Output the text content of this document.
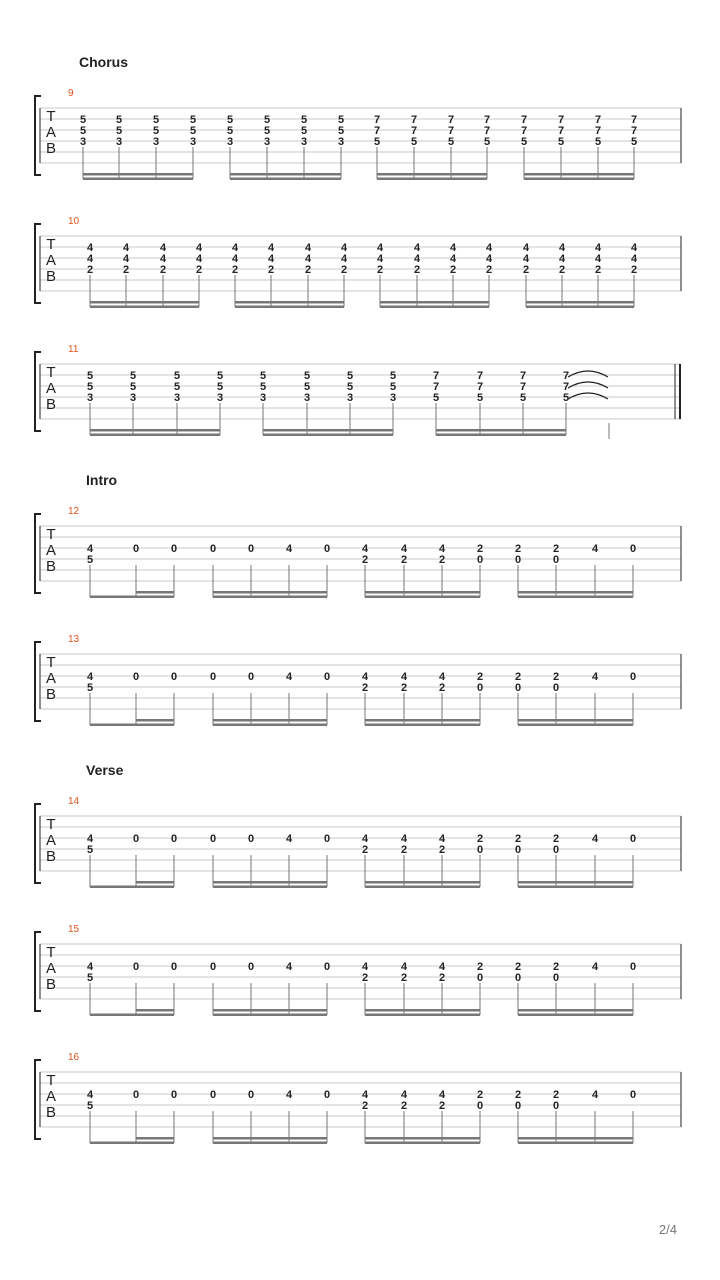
Chorus
9
T
A
B
5
5
3
5
5
3
5
5
3
5
5
3
5
5
3
5
5
3
5
5
3
5
5
3
7
7
5
7
7
5
7
7
5
7
7
5
7
7
5
7
7
5
7
7
5
7
7
5
10
T
A
B
4
4
2
4
4
2
4
4
2
4
4
2
4
4
2
4
4
2
4
4
2
4
4
2
4
4
2
4
4
2
4
4
2
4
4
2
4
4
2
4
4
2
4
4
2
4
4
2
11
T
A
B
5
5
3
5
5
3
5
5
3
5
5
3
5
5
3
5
5
3
5
5
3
5
5
3
7
7
5
7
7
5
7
7
5
7
7
5
Intro
12
T
A
B
4
5
0	0	0	0	4	0	4
2
4
2
4
2
2
0
2
0
2
0
4	0
13
T
A
B
4
5
0	0	0	0	4	0	4
2
4
2
4
2
2
0
2
0
2
0
4	0
Verse
14
T
A
B
4
5
0	0	0	0	4	0	4
2
4
2
4
2
2
0
2
0
2
0
4	0
15
T
A
B
4
5
0	0	0	0	4	0	4
2
4
2
4
2
2
0
2
0
2
0
4	0
16
T
A
B
4
5
0	0	0	0	4	0	4
2
4
2
4
2
2
0
2
0
2
0
4	0
2/4
